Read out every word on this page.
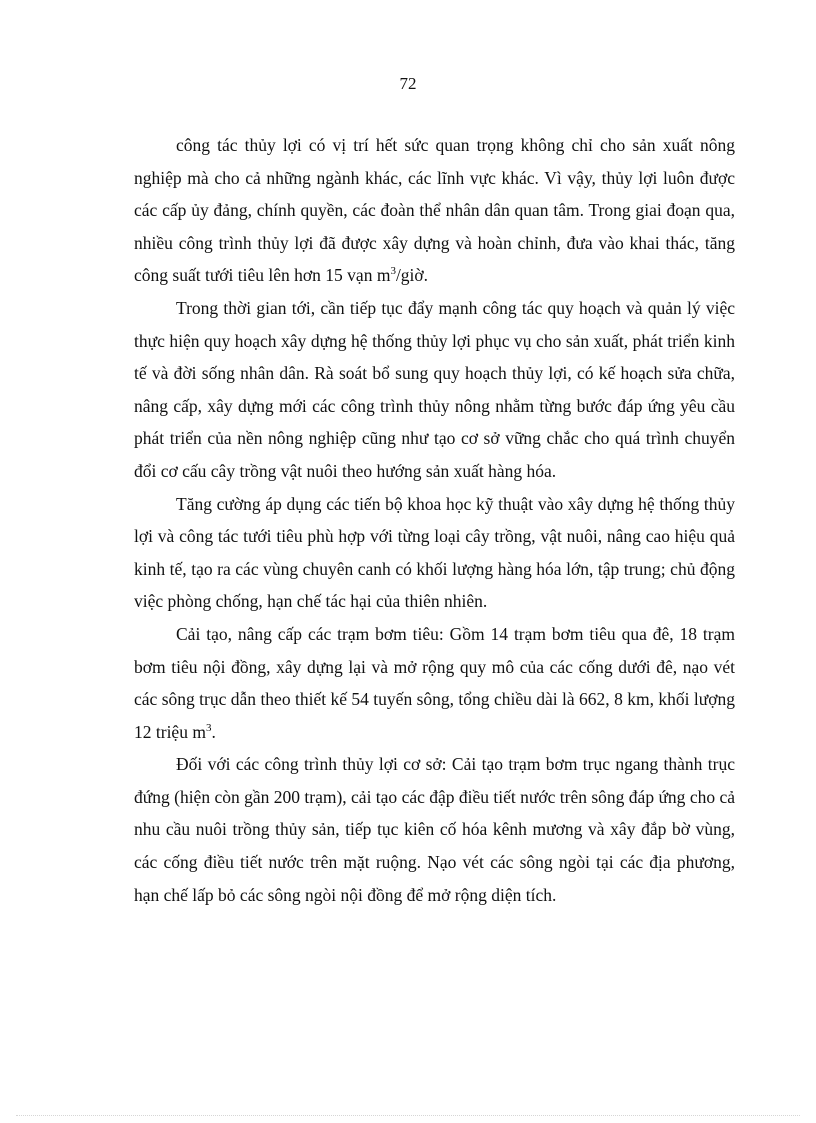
72

công tác thủy lợi có vị trí hết sức quan trọng không chỉ cho sản xuất nông nghiệp mà cho cả những ngành khác, các lĩnh vực khác. Vì vậy, thủy lợi luôn được các cấp ủy đảng, chính quyền, các đoàn thể nhân dân quan tâm. Trong giai đoạn qua, nhiều công trình thủy lợi đã được xây dựng và hoàn chỉnh, đưa vào khai thác, tăng công suất tưới tiêu lên hơn 15 vạn $m^3$/giờ.

Trong thời gian tới, cần tiếp tục đẩy mạnh công tác quy hoạch và quản lý việc thực hiện quy hoạch xây dựng hệ thống thủy lợi phục vụ cho sản xuất, phát triển kinh tế và đời sống nhân dân. Rà soát bổ sung quy hoạch thủy lợi, có kế hoạch sửa chữa, nâng cấp, xây dựng mới các công trình thủy nông nhằm từng bước đáp ứng yêu cầu phát triển của nền nông nghiệp cũng như tạo cơ sở vững chắc cho quá trình chuyển đổi cơ cấu cây trồng vật nuôi theo hướng sản xuất hàng hóa.

Tăng cường áp dụng các tiến bộ khoa học kỹ thuật vào xây dựng hệ thống thủy lợi và công tác tưới tiêu phù hợp với từng loại cây trồng, vật nuôi, nâng cao hiệu quả kinh tế, tạo ra các vùng chuyên canh có khối lượng hàng hóa lớn, tập trung; chủ động việc phòng chống, hạn chế tác hại của thiên nhiên.

Cải tạo, nâng cấp các trạm bơm tiêu: Gồm 14 trạm bơm tiêu qua đê, 18 trạm bơm tiêu nội đồng, xây dựng lại và mở rộng quy mô của các cống dưới đê, nạo vét các sông trục dẫn theo thiết kế 54 tuyến sông, tổng chiều dài là 662, 8 km, khối lượng 12 triệu $m^3$.

Đối với các công trình thủy lợi cơ sở: Cải tạo trạm bơm trục ngang thành trục đứng (hiện còn gần 200 trạm), cải tạo các đập điều tiết nước trên sông đáp ứng cho cả nhu cầu nuôi trồng thủy sản, tiếp tục kiên cố hóa kênh mương và xây đắp bờ vùng, các cống điều tiết nước trên mặt ruộng. Nạo vét các sông ngòi tại các địa phương, hạn chế lấp bỏ các sông ngòi nội đồng để mở rộng diện tích.
